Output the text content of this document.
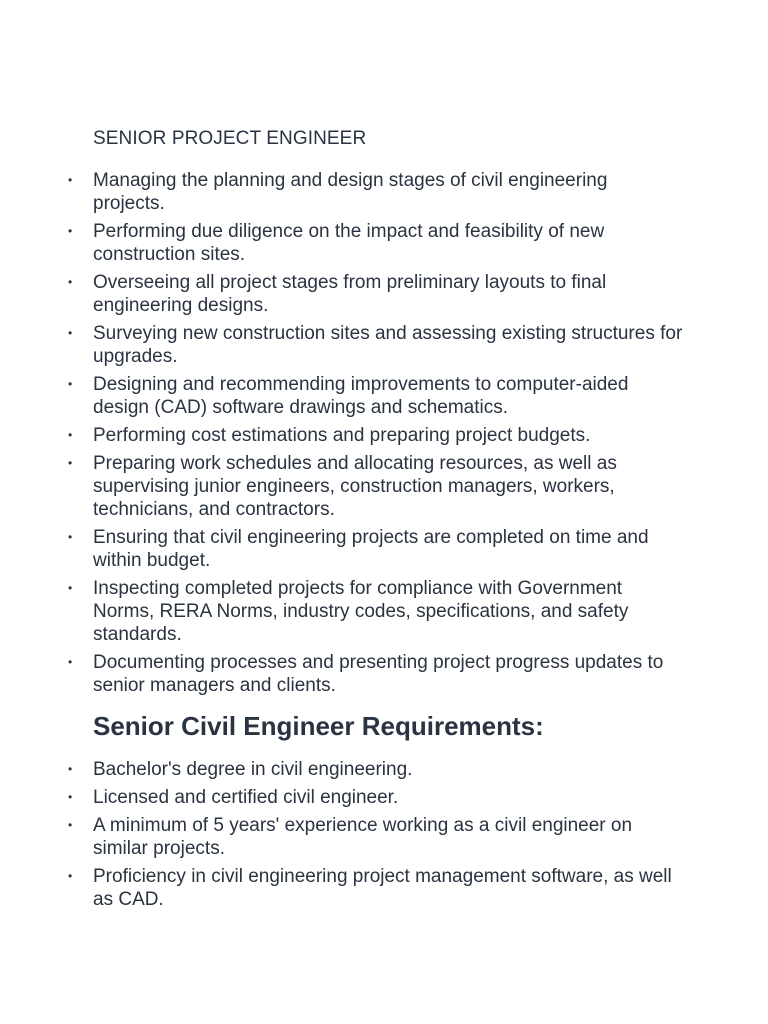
SENIOR PROJECT ENGINEER

• Managing the planning and design stages of civil engineering projects.
• Performing due diligence on the impact and feasibility of new construction sites.
• Overseeing all project stages from preliminary layouts to final engineering designs.
• Surveying new construction sites and assessing existing structures for upgrades.
• Designing and recommending improvements to computer-aided design (CAD) software drawings and schematics.
• Performing cost estimations and preparing project budgets.
• Preparing work schedules and allocating resources, as well as supervising junior engineers, construction managers, workers, technicians, and contractors.
• Ensuring that civil engineering projects are completed on time and within budget.
• Inspecting completed projects for compliance with Government Norms, RERA Norms, industry codes, specifications, and safety standards.
• Documenting processes and presenting project progress updates to senior managers and clients.
Senior Civil Engineer Requirements:
• Bachelor's degree in civil engineering.
• Licensed and certified civil engineer.
• A minimum of 5 years' experience working as a civil engineer on similar projects.
• Proficiency in civil engineering project management software, as well as CAD.
